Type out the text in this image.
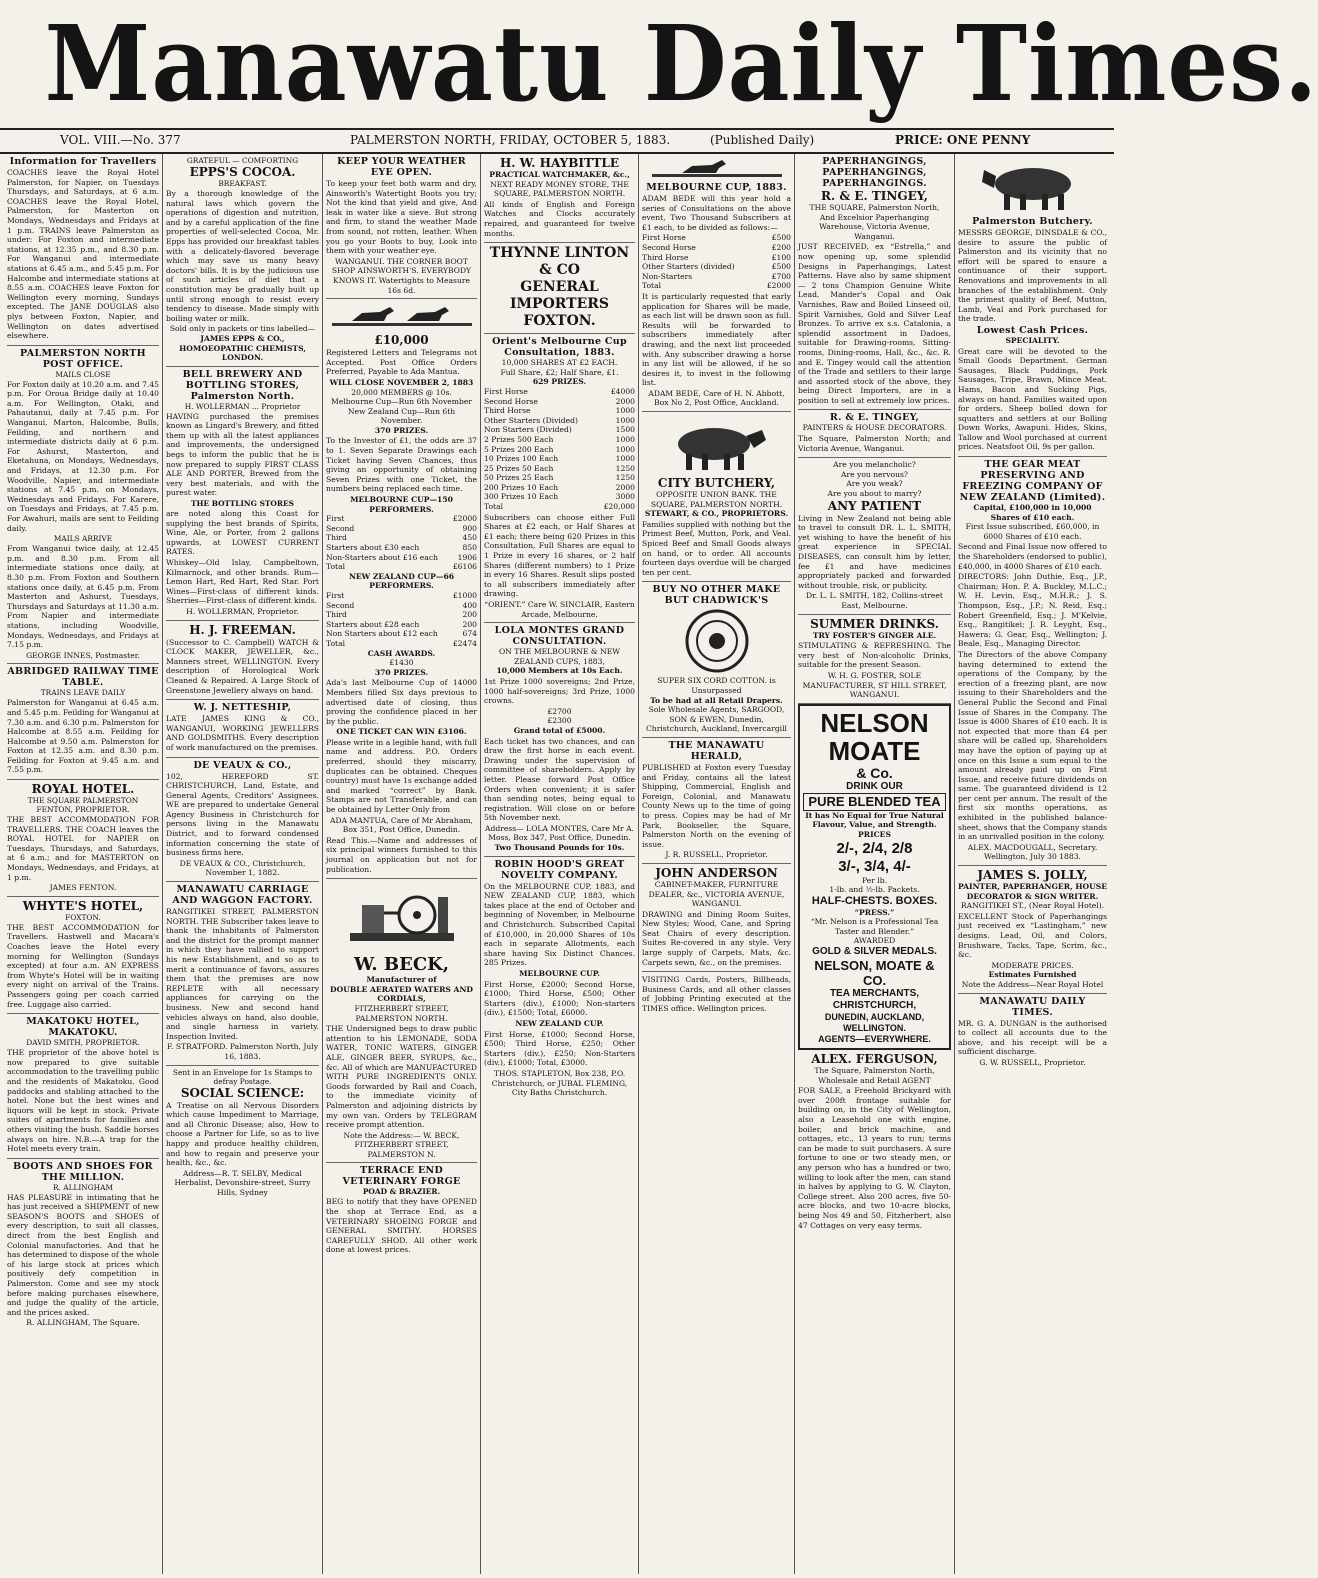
Manawatu Daily Times.
VOL. VIII.—No. 377	PALMERSTON NORTH, FRIDAY, OCTOBER 5, 1883.	(Published Daily)	PRICE: ONE PENNY
Information for Travellers

COACHES leave the Royal Hotel Palmerston, for Napier, on Tuesdays Thursdays, and Saturdays, at 6 a.m. COACHES leave the Royal Hotel, Palmerston, for Masterton on Mondays, Wednesdays and Fridays at 1 p.m. TRAINS leave Palmerston as under: For Foxton and intermediate stations, at 12.35 p.m., and 8.30 p.m. For Wanganui and intermediate stations at 6.45 a.m., and 5.45 p.m. For Halcombe and intermediate stations at 8.55 a.m. COACHES leave Foxton for Wellington every morning, Sundays excepted. The JANE DOUGLAS also plys between Foxton, Napier, and Wellington on dates advertised elsewhere.

PALMERSTON NORTH POST OFFICE.
MAILS CLOSE

For Foxton daily at 10.20 a.m. and 7.45 p.m. For Oroua Bridge daily at 10.40 a.m. For Wellington, Otaki, and Pahautanui, daily at 7.45 p.m. For Wanganui, Marton, Halcombe, Bulls, Feilding, and northern and intermediate districts daily at 6 p.m. For Ashurst, Masterton, and Eketahuna, on Mondays, Wednesdays, and Fridays, at 12.30 p.m. For Woodville, Napier, and intermediate stations at 7.45 p.m. on Mondays, Wednesdays and Fridays. For Karere, on Tuesdays and Fridays, at 7.45 p.m. For Awahuri, mails are sent to Feilding daily.

MAILS ARRIVE

From Wanganui twice daily, at 12.45 p.m. and 8.30 p.m. From all intermediate stations once daily, at 8.30 p.m. From Foxton and Southern stations once daily, at 6.45 p.m. From Masterton and Ashurst, Tuesdays, Thursdays and Saturdays at 11.30 a.m. From Napier and intermediate stations, including Woodville, Mondays, Wednesdays, and Fridays at 7.15 p.m.

GEORGE INNES, Postmaster.
ABRIDGED RAILWAY TIME TABLE.
TRAINS LEAVE DAILY

Palmerston for Wanganui at 6.45 a.m. and 5.45 p.m. Feilding for Wanganui at 7.30 a.m. and 6.30 p.m. Palmerston for Halcombe at 8.55 a.m. Feilding for Halcombe at 9.50 a.m. Palmerston for Foxton at 12.35 a.m. and 8.30 p.m. Feilding for Foxton at 9.45 a.m. and 7.55 p.m.

ROYAL HOTEL.
THE SQUARE PALMERSTON
FENTON, PROPRIETOR.

THE BEST ACCOMMODATION FOR TRAVELLERS. THE COACH leaves the ROYAL HOTEL for NAPIER on Tuesdays, Thursdays, and Saturdays, at 6 a.m.; and for MASTERTON on Mondays, Wednesdays, and Fridays, at 1 p.m.

JAMES FENTON.
WHYTE'S HOTEL,
FOXTON.

THE BEST ACCOMMODATION for Travellers. Hastwell and Macara's Coaches leave the Hotel every morning for Wellington (Sundays excepted) at four a.m. AN EXPRESS from Whyte's Hotel will be in waiting every night on arrival of the Trains. Passengers going per coach carried free. Luggage also carried.

MAKATOKU HOTEL, MAKATOKU.
DAVID SMITH, PROPRIETOR.

THE proprietor of the above hotel is now prepared to give suitable accommodation to the travelling public and the residents of Makatoku. Good paddocks and stabling attached to the hotel. None but the best wines and liquors will be kept in stock. Private suites of apartments for families and others visiting the bush. Saddle horses always on hire. N.B.—A trap for the Hotel meets every train.

BOOTS AND SHOES FOR THE MILLION.
R. ALLINGHAM

HAS PLEASURE in intimating that he has just received a SHIPMENT of new SEASON'S BOOTS and SHOES of every description, to suit all classes, direct from the best English and Colonial manufactories. And that he has determined to dispose of the whole of his large stock at prices which positively defy competition in Palmerston. Come and see my stock before making purchases elsewhere, and judge the quality of the article, and the prices asked.

R. ALLINGHAM, The Square.
GRATEFUL — COMFORTING
EPPS'S COCOA.
BREAKFAST.

By a thorough knowledge of the natural laws which govern the operations of digestion and nutrition, and by a careful application of the fine properties of well-selected Cocoa, Mr. Epps has provided our breakfast tables with a delicately-flavored beverage which may save us many heavy doctors' bills. It is by the judicious use of such articles of diet that a constitution may be gradually built up until strong enough to resist every tendency to disease. Made simply with boiling water or milk.

Sold only in packets or tins labelled—
JAMES EPPS & CO., HOMOEOPATHIC CHEMISTS, LONDON.
BELL BREWERY AND BOTTLING STORES, Palmerston North.
H. WOLLERMAN ... Proprietor

HAVING purchased the premises known as Lingard's Brewery, and fitted them up with all the latest appliances and improvements, the undersigned begs to inform the public that he is now prepared to supply FIRST CLASS ALE AND PORTER, Brewed from the very best materials, and with the purest water.

THE BOTTLING STORES

are noted along this Coast for supplying the best brands of Spirits, Wine, Ale, or Porter, from 2 gallons upwards, at LOWEST CURRENT RATES.

Whiskey—Old Islay, Campbeltown, Kilmarnock, and other brands. Rum—Lemon Hart, Red Hart, Red Star. Port Wines—First-class of different kinds. Sherries—First-class of different kinds.

H. WOLLERMAN, Proprietor.
H. J. FREEMAN.

(Successor to C. Campbell) WATCH & CLOCK MAKER, JEWELLER, &c., Manners street, WELLINGTON. Every description of Horological Work Cleaned & Repaired. A Large Stock of Greenstone Jewellery always on hand.

W. J. NETTESHIP,

LATE JAMES KING & CO., WANGANUI, WORKING JEWELLERS AND GOLDSMITHS. Every description of work manufactured on the premises.

DE VEAUX & CO.,

102, HEREFORD ST. CHRISTCHURCH, Land, Estate, and General Agents, Creditors' Assignees. WE are prepared to undertake General Agency Business in Christchurch for persons living in the Manawatu District, and to forward condensed information concerning the state of business firms here.

DE VEAUX & CO., Christchurch, November 1, 1882.
MANAWATU CARRIAGE AND WAGGON FACTORY.

RANGITIKEI STREET, PALMERSTON NORTH. THE Subscriber takes leave to thank the inhabitants of Palmerston and the district for the prompt manner in which they have rallied to support his new Establishment, and so as to merit a continuance of favors, assures them that the premises are now REPLETE with all necessary appliances for carrying on the business. New and second hand vehicles always on hand, also double, and single harness in variety. Inspection Invited.

F. STRATFORD. Palmerston North, July 16, 1883.
Sent in an Envelope for 1s Stamps to defray Postage.
SOCIAL SCIENCE:

A Treatise on all Nervous Disorders which cause Impediment to Marriage, and all Chronic Disease; also, How to choose a Partner for Life, so as to live happy and produce healthy children, and how to regain and preserve your health, &c., &c.

Address—R. T. SELBY, Medical Herbalist, Devonshire-street, Surry Hills, Sydney
KEEP YOUR WEATHER EYE OPEN.

To keep your feet both warm and dry, Ainsworth's Watertight Boots you try; Not the kind that yield and give, And leak in water like a sieve. But strong and firm, to stand the weather Made from sound, not rotten, leather. When you go your Boots to buy, Look into them with your weather eye.

WANGANUI. THE CORNER BOOT SHOP AINSWORTH'S. EVERYBODY KNOWS IT. Watertights to Measure 16s 6d.
£10,000

Registered Letters and Telegrams not Accepted. Post Office Orders Preferred, Payable to Ada Mantua.

WILL CLOSE NOVEMBER 2, 1883
20,000 MEMBERS @ 10s.
Melbourne Cup—Run 6th November
New Zealand Cup—Run 6th November.
370 PRIZES.

To the Investor of £1, the odds are 37 to 1. Seven Separate Drawings each Ticket having Seven Chances, thus giving an opportunity of obtaining Seven Prizes with one Ticket, the numbers being replaced each time.

MELBOURNE CUP—150 PERFORMERS.
First	£2000
Second	900
Third	450
Starters about £30 each	850
Non-Starters about £16 each	1906
Total	£6106
NEW ZEALAND CUP—66 PERFORMERS.
First	£1000
Second	400
Third	200
Starters about £28 each	200
Non Starters about £12 each	674
Total	£2474
CASH AWARDS.
£1430
370 PRIZES.

Ada's last Melbourne Cup of 14000 Members filled Six days previous to advertised date of closing, thus proving the confidence placed in her by the public.

ONE TICKET CAN WIN £3106.

Please write in a legible hand, with full name and address. P.O. Orders preferred, should they miscarry, duplicates can be obtained. Cheques country) must have 1s exchange added and marked “correct” by Bank. Stamps are not Transferable, and can be obtained by Letter Only from

ADA MANTUA, Care of Mr Abraham, Box 351, Post Office, Dunedin.

Read This.—Name and addresses of six principal winners furnished to this journal on application but not for publication.

W. BECK,
Manufacturer of
DOUBLE AERATED WATERS AND CORDIALS,
FITZHERBERT STREET, PALMERSTON NORTH.

THE Undersigned begs to draw public attention to his LEMONADE, SODA WATER, TONIC WATERS, GINGER ALE, GINGER BEER, SYRUPS, &c., &c. All of which are MANUFACTURED WITH PURE INGREDIENTS ONLY. Goods forwarded by Rail and Coach, to the immediate vicinity of Palmerston and adjoining districts by my own van. Orders by TELEGRAM receive prompt attention.

Note the Address:— W. BECK, FITZHERBERT STREET, PALMERSTON N.
TERRACE END VETERINARY FORGE
POAD & BRAZIER.

BEG to notify that they have OPENED the shop at Terrace End, as a VETERINARY SHOEING FORGE and GENERAL SMITHY. HORSES CAREFULLY SHOD. All other work done at lowest prices.

H. W. HAYBITTLE
PRACTICAL WATCHMAKER, &c.,
NEXT READY MONEY STORE, THE SQUARE, PALMERSTON NORTH.

All kinds of English and Foreign Watches and Clocks accurately repaired, and guaranteed for twelve months.

THYNNE LINTON & CO
GENERAL IMPORTERS
FOXTON.
Orient's Melbourne Cup Consultation, 1883.
10,000 SHARES AT £2 EACH.
Full Share, £2; Half Share, £1.
629 PRIZES.
First Horse	£4000
Second Horse	2000
Third Horse	1000
Other Starters (Divided)	1000
Non Starters (Divided)	1500
2 Prizes 500 Each	1000
5 Prizes 200 Each	1000
10 Prizes 100 Each	1000
25 Prizes 50 Each	1250
50 Prizes 25 Each	1250
200 Prizes 10 Each	2000
300 Prizes 10 Each	3000
Total	£20,000

Subscribers can choose either Full Shares at £2 each, or Half Shares at £1 each; there being 620 Prizes in this Consultation, Full Shares are equal to 1 Prize in every 16 shares, or 2 half Shares (different numbers) to 1 Prize in every 16 Shares. Result slips posted to all subscribers immediately after drawing.

“ORIENT.” Care W. SINCLAIR, Eastern Arcade, Melbourne.
LOLA MONTES GRAND CONSULTATION.
ON THE MELBOURNE & NEW ZEALAND CUPS, 1883,
10,000 Members at 10s Each.

1st Prize 1000 sovereigns; 2nd Prize, 1000 half-sovereigns; 3rd Prize, 1000 crowns.

£2700
£2300
Grand total of £5000.

Each ticket has two chances, and can draw the first horse in each event. Drawing under the supervision of committee of shareholders. Apply by letter. Please forward Post Office Orders when convenient; it is safer than sending notes, being equal to registration. Will close on or before 5th November next.

Address— LOLA MONTES, Care Mr A. Moss, Box 347, Post Office, Dunedin.
Two Thousand Pounds for 10s.
ROBIN HOOD'S GREAT NOVELTY COMPANY.

On the MELBOURNE CUP, 1883, and NEW ZEALAND CUP, 1883, which takes place at the end of October and beginning of November, in Melbourne and Christchurch. Subscribed Capital of £10,000, in 20,000 Shares of 10s each in separate Allotments, each share having Six Distinct Chances. 285 Prizes.

MELBOURNE CUP.

First Horse, £2000; Second Horse, £1000; Third Horse, £500; Other Starters (div.), £1000; Non-starters (div.), £1500; Total, £6000.

NEW ZEALAND CUP.

First Horse, £1000; Second Horse, £500; Third Horse, £250; Other Starters (div.), £250; Non-Starters (div.), £1000; Total, £3000.

THOS. STAPLETON, Box 238, P.O. Christchurch, or JUBAL FLEMING, City Baths Christchurch.
MELBOURNE CUP, 1883.

ADAM BEDE will this year hold a series of Consultations on the above event, Two Thousand Subscribers at £1 each, to be divided as follows:—

First Horse	£500
Second Horse	£200
Third Horse	£100
Other Starters (divided)	£500
Non-Starters	£700
Total	£2000

It is particularly requested that early application for Shares will be made, as each list will be drawn soon as full. Results will be forwarded to subscribers immediately after drawing, and the next list proceeded with. Any subscriber drawing a horse in any list will be allowed, if he so desires it, to invest in the following list.

ADAM BEDE, Care of H. N. Abbott, Box No 2, Post Office, Auckland.
CITY BUTCHERY,
OPPOSITE UNION BANK. THE SQUARE, PALMERSTON NORTH.
STEWART, & CO., PROPRIETORS.

Families supplied with nothing but the Primest Beef, Mutton, Pork, and Veal. Spiced Beef and Small Goods always on hand, or to order. All accounts fourteen days overdue will be charged ten per cent.

BUY NO OTHER MAKE BUT CHADWICK'S
SUPER SIX CORD COTTON. is Unsurpassed
To be had at all Retail Drapers.
Sole Wholesale Agents, SARGOOD, SON & EWEN, Dunedin, Christchurch, Auckland, Invercargill
THE MANAWATU HERALD,

PUBLISHED at Foxton every Tuesday and Friday, contains all the latest Shipping, Commercial, English and Foreign, Colonial, and Manawatu County News up to the time of going to press. Copies may be had of Mr Park, Bookseller, the Square, Palmerston North on the evening of issue.

J. R. RUSSELL, Proprietor.
JOHN ANDERSON
CABINET-MAKER, FURNITURE DEALER, &c., VICTORIA AVENUE, WANGANUI.

DRAWING and Dining Room Suites, New Styles; Wood, Cane, and Spring Seat Chairs of every description. Suites Re-covered in any style. Very large supply of Carpets, Mats, &c. Carpets sewn, &c., on the premises.

VISITING Cards, Posters, Billheads, Business Cards, and all other classes of Jobbing Printing executed at the TIMES office. Wellington prices.

PAPERHANGINGS, PAPERHANGINGS, PAPERHANGINGS.
R. & E. TINGEY,
THE SQUARE, Palmerston North,
And Excelsior Paperhanging Warehouse, Victoria Avenue, Wanganui.

JUST RECEIVED, ex “Estrella,” and now opening up, some splendid Designs in Paperhangings, Latest Patterns. Have also by same shipment— 2 tons Champion Genuine White Lead, Mander's Copal and Oak Varnishes, Raw and Boiled Linseed oil, Spirit Varnishes, Gold and Silver Leaf Bronzes. To arrive ex s.s. Catalonia, a splendid assortment in Dadoes, suitable for Drawing-rooms, Sitting-rooms, Dining-rooms, Hall, &c., &c. R. and E. Tingey would call the attention of the Trade and settlers to their large and assorted stock of the above, they being Direct Importers, are in a position to sell at extremely low prices.

R. & E. TINGEY,
PAINTERS & HOUSE DECORATORS.

The Square, Palmerston North; and Victoria Avenue, Wanganui.

Are you melancholic?
Are you nervous?
Are you weak?
Are you about to marry?
ANY PATIENT

Living in New Zealand not being able to travel to consult DR. L. L. SMITH, yet wishing to have the benefit of his great experience in SPECIAL DISEASES, can consult him by letter, fee £1 and have medicines appropriately packed and forwarded without trouble, risk, or publicity.

Dr. L. L. SMITH, 182, Collins-street East, Melbourne.
SUMMER DRINKS.
TRY FOSTER'S GINGER ALE.

STIMULATING & REFRESHING. The very best of Non-alcoholic Drinks, suitable for the present Season.

W. H. G. FOSTER, SOLE MANUFACTURER, ST HILL STREET, WANGANUI.
NELSON MOATE
& Co.
DRINK OUR
PURE BLENDED TEA
It has No Equal for True Natural Flavour, Value, and Strength.
PRICES
2/-, 2/4, 2/8
3/-, 3/4, 4/-
Per lb.
1-lb. and ½-lb. Packets.
HALF-CHESTS. BOXES.
“PRESS.”
“Mr. Nelson is a Professional Tea Taster and Blender.”
AWARDED
GOLD & SILVER MEDALS.
NELSON, MOATE & CO.
TEA MERCHANTS,
CHRISTCHURCH,
DUNEDIN, AUCKLAND, WELLINGTON.
AGENTS—EVERYWHERE.
ALEX. FERGUSON,
The Square, Palmerston North, Wholesale and Retail AGENT

FOR SALE, a Freehold Brickyard with over 200ft frontage suitable for building on, in the City of Wellington, also a Leasehold one with engine, boiler, and brick machine, and cottages, etc., 13 years to run; terms can be made to suit purchasers. A sure fortune to one or two steady men, or any person who has a hundred or two, willing to look after the men, can stand in halves by applying to G. W. Clayton, College street. Also 200 acres, five 50-acre blocks, and two 10-acre blocks, being Nos 49 and 50, Fitzherbert, also 47 Cottages on very easy terms.

Palmerston Butchery.

MESSRS GEORGE, DINSDALE & CO., desire to assure the public of Palmerston and its vicinity that no effort will be spared to ensure a continuance of their support. Renovations and improvements in all branches of the establishment. Only the primest quality of Beef, Mutton, Lamb, Veal and Pork purchased for the trade.

Lowest Cash Prices.
SPECIALITY.

Great care will be devoted to the Small Goods Department. German Sausages, Black Puddings, Pork Sausages, Tripe, Brawn, Mince Meat. Hams, Bacon and Sucking Pigs, always on hand. Families waited upon for orders. Sheep bolled down for squatters and settlers at our Bolling Down Works, Awapuni. Hides, Skins, Tallow and Wool purchased at current prices. Neatsfoot Oil, 9s per gallon.

THE GEAR MEAT PRESERVING AND FREEZING COMPANY OF NEW ZEALAND (Limited).
Capital, £100,000 in 10,000 Shares of £10 each.
First Issue subscribed, £60,000, in 6000 Shares of £10 each.

Second and Final Issue now offered to the Shareholders (endorsed to public), £40,000, in 4000 Shares of £10 each.

DIRECTORS: John Duthie, Esq., J.P., Chairman; Hon. P. A. Buckley, M.L.C.; W. H. Levin, Esq., M.H.R.; J. S. Thompson, Esq., J.P.; N. Reid, Esq.; Robert Greenfield, Esq.; J. M'Kelvie, Esq., Rangitikei; J. R. Leyght, Esq., Hawera; G. Gear, Esq., Wellington; J. Beale, Esq., Managing Director.

The Directors of the above Company having determined to extend the operations of the Company, by the erection of a freezing plant, are now issuing to their Shareholders and the General Public the Second and Final Issue of Shares in the Company. The Issue is 4000 Shares of £10 each. It is not expected that more than £4 per share will be called up. Shareholders may have the option of paying up at once on this Issue a sum equal to the amount already paid up on First Issue, and receive future dividends on same. The guaranteed dividend is 12 per cent per annum. The result of the first six months operations, as exhibited in the published balance-sheet, shows that the Company stands in an unrivalled position in the colony.

ALEX. MACDOUGALL, Secretary. Wellington, July 30 1883.
JAMES S. JOLLY,
PAINTER, PAPERHANGER, HOUSE DECORATOR & SIGN WRITER.
RANGITIKEI ST., (Near Royal Hotel).

EXCELLENT Stock of Paperhangings just received ex “Lastingham,” new designs. Lead, Oil, and Colors, Brushware, Tacks, Tape, Scrim, &c., &c.

MODERATE PRICES.
Estimates Furnished
Note the Address—Near Royal Hotel
MANAWATU DAILY TIMES.

MR. G. A. DUNGAN is the authorised to collect all accounts due to the above, and his receipt will be a sufficient discharge.

G. W. RUSSELL, Proprietor.
